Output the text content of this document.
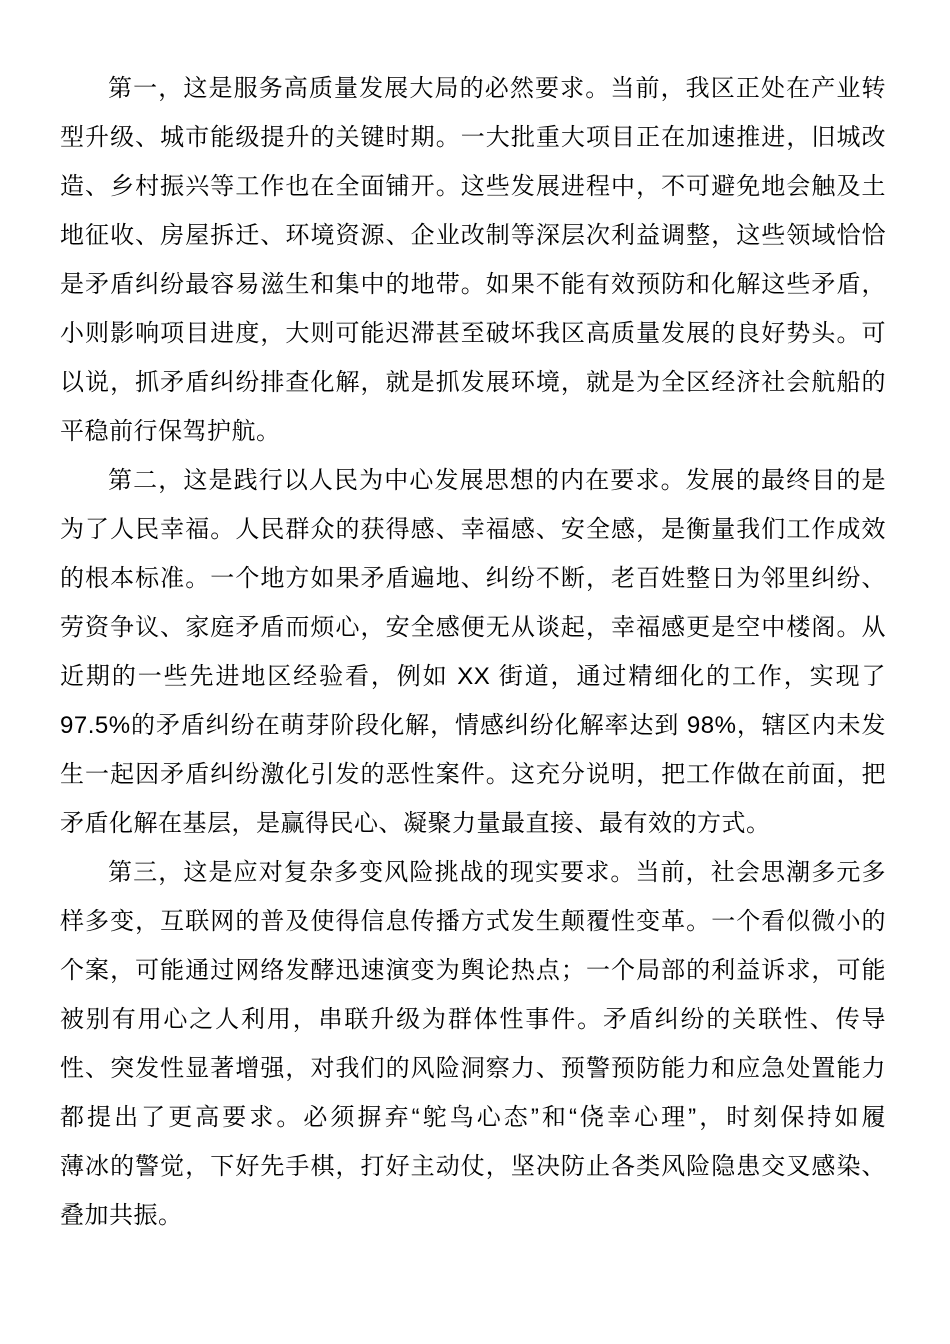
第一，这是服务高质量发展大局的必然要求。当前，我区正处在产业转
型升级、城市能级提升的关键时期。一大批重大项目正在加速推进，旧城改
造、乡村振兴等工作也在全面铺开。这些发展进程中，不可避免地会触及土
地征收、房屋拆迁、环境资源、企业改制等深层次利益调整，这些领域恰恰
是矛盾纠纷最容易滋生和集中的地带。如果不能有效预防和化解这些矛盾，
小则影响项目进度，大则可能迟滞甚至破坏我区高质量发展的良好势头。可
以说，抓矛盾纠纷排查化解，就是抓发展环境，就是为全区经济社会航船的
平稳前行保驾护航。
第二，这是践行以人民为中心发展思想的内在要求。发展的最终目的是
为了人民幸福。人民群众的获得感、幸福感、安全感，是衡量我们工作成效
的根本标准。一个地方如果矛盾遍地、纠纷不断，老百姓整日为邻里纠纷、
劳资争议、家庭矛盾而烦心，安全感便无从谈起，幸福感更是空中楼阁。从
近期的一些先进地区经验看，例如 XX 街道，通过精细化的工作，实现了
97.5%的矛盾纠纷在萌芽阶段化解，情感纠纷化解率达到 98%，辖区内未发
生一起因矛盾纠纷激化引发的恶性案件。这充分说明，把工作做在前面，把
矛盾化解在基层，是赢得民心、凝聚力量最直接、最有效的方式。
第三，这是应对复杂多变风险挑战的现实要求。当前，社会思潮多元多
样多变，互联网的普及使得信息传播方式发生颠覆性变革。一个看似微小的
个案，可能通过网络发酵迅速演变为舆论热点；一个局部的利益诉求，可能
被别有用心之人利用，串联升级为群体性事件。矛盾纠纷的关联性、传导
性、突发性显著增强，对我们的风险洞察力、预警预防能力和应急处置能力
都提出了更高要求。必须摒弃“鸵鸟心态”和“侥幸心理”，时刻保持如履
薄冰的警觉，下好先手棋，打好主动仗，坚决防止各类风险隐患交叉感染、
叠加共振。
